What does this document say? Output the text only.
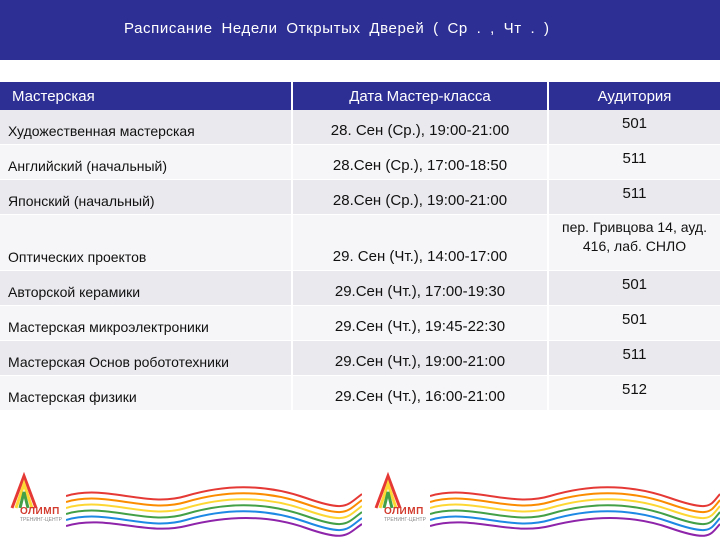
Расписание Недели Открытых Дверей ( Ср . , Чт . )
Мастерская	Дата Мастер-класса	Аудитория
Художественная мастерская	28. Сен (Ср.), 19:00-21:00	501
Английский (начальный)	28.Сен (Ср.), 17:00-18:50	511
Японский (начальный)	28.Сен (Ср.), 19:00-21:00	511
Оптических проектов	29. Сен (Чт.), 14:00-17:00	пер. Гривцова 14, ауд. 416, лаб. СНЛО
Авторской керамики	29.Сен (Чт.), 17:00-19:30	501
Мастерская микроэлектроники	29.Сен (Чт.), 19:45-22:30	501
Мастерская Основ робототехники	29.Сен (Чт.), 19:00-21:00	511
Мастерская физики	29.Сен (Чт.), 16:00-21:00	512
ОЛИМП
ТРЕНИНГ-ЦЕНТР
ОЛИМП
ТРЕНИНГ-ЦЕНТР
